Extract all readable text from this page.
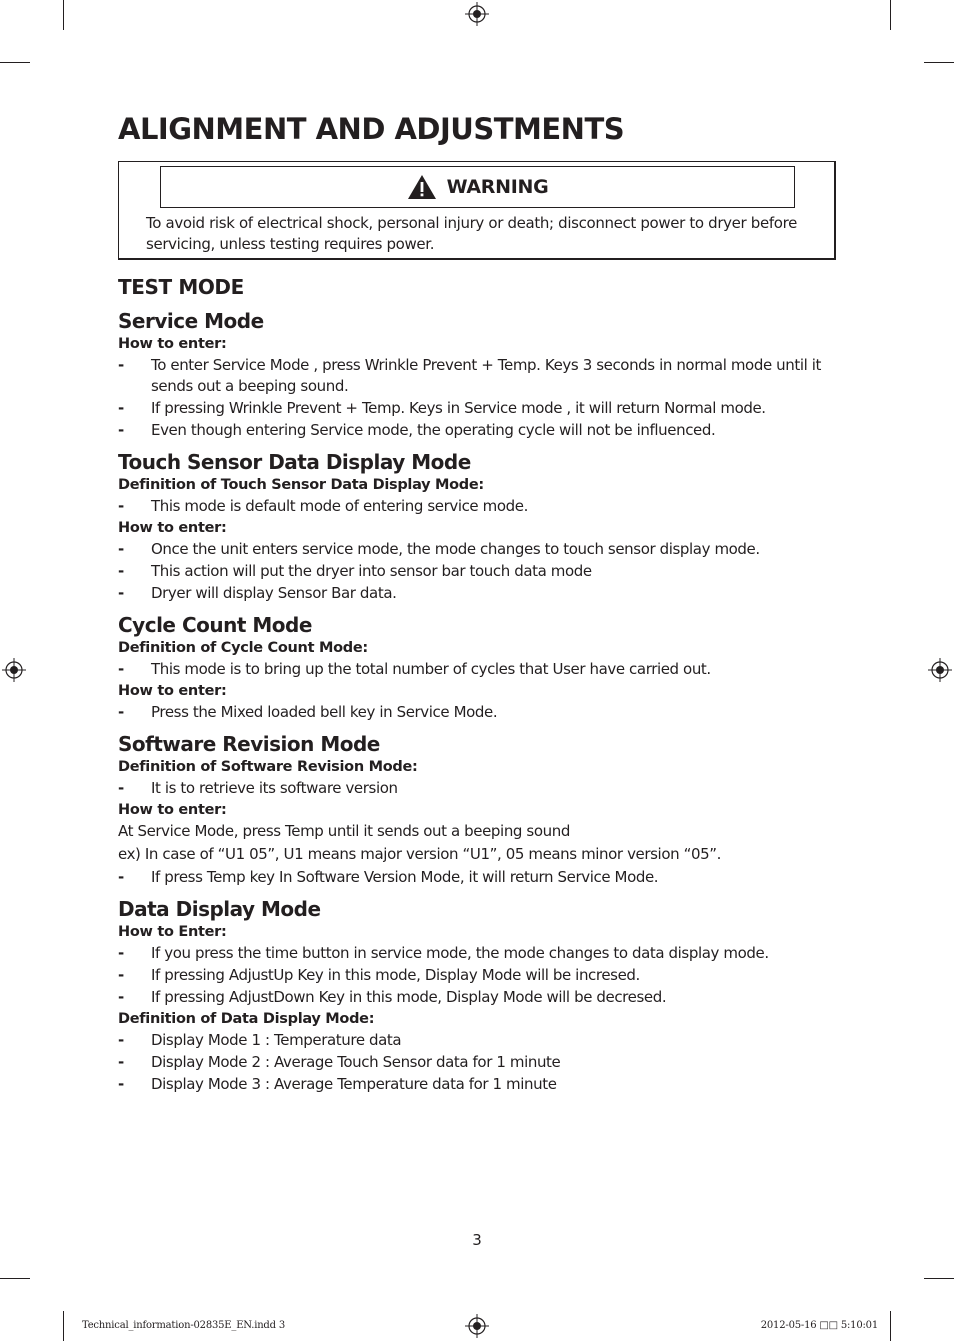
ALIGNMENT AND ADJUSTMENTS
WARNING
To avoid risk of electrical shock, personal injury or death; disconnect power to dryer before servicing, unless testing requires power.
TEST MODE
Service Mode
How to enter:
- To enter Service Mode , press Wrinkle Prevent + Temp. Keys 3 seconds in normal mode until it sends out a beeping sound.
- If pressing Wrinkle Prevent + Temp. Keys in Service mode , it will return Normal mode.
- Even though entering Service mode, the operating cycle will not be influenced.
Touch Sensor Data Display Mode
Definition of Touch Sensor Data Display Mode:
- This mode is default mode of entering service mode.
How to enter:
- Once the unit enters service mode, the mode changes to touch sensor display mode.
- This action will put the dryer into sensor bar touch data mode
- Dryer will display Sensor Bar data.
Cycle Count Mode
Definition of Cycle Count Mode:
- This mode is to bring up the total number of cycles that User have carried out.
How to enter:
- Press the Mixed loaded bell key in Service Mode.
Software Revision Mode
Definition of Software Revision Mode:
- It is to retrieve its software version
How to enter:
At Service Mode, press Temp until it sends out a beeping sound
ex) In case of “U1 05”, U1 means major version “U1”, 05 means minor version “05”.
- If press Temp key In Software Version Mode, it will return Service Mode.
Data Display Mode
How to Enter:
- If you press the time button in service mode, the mode changes to data display mode.
- If pressing AdjustUp Key in this mode, Display Mode will be incresed.
- If pressing AdjustDown Key in this mode, Display Mode will be decresed.
Definition of Data Display Mode:
- Display Mode 1 : Temperature data
- Display Mode 2 : Average Touch Sensor data for 1 minute
- Display Mode 3 : Average Temperature data for 1 minute
3
Technical_information-02835E_EN.indd 3	2012-05-16 □□ 5:10:01
